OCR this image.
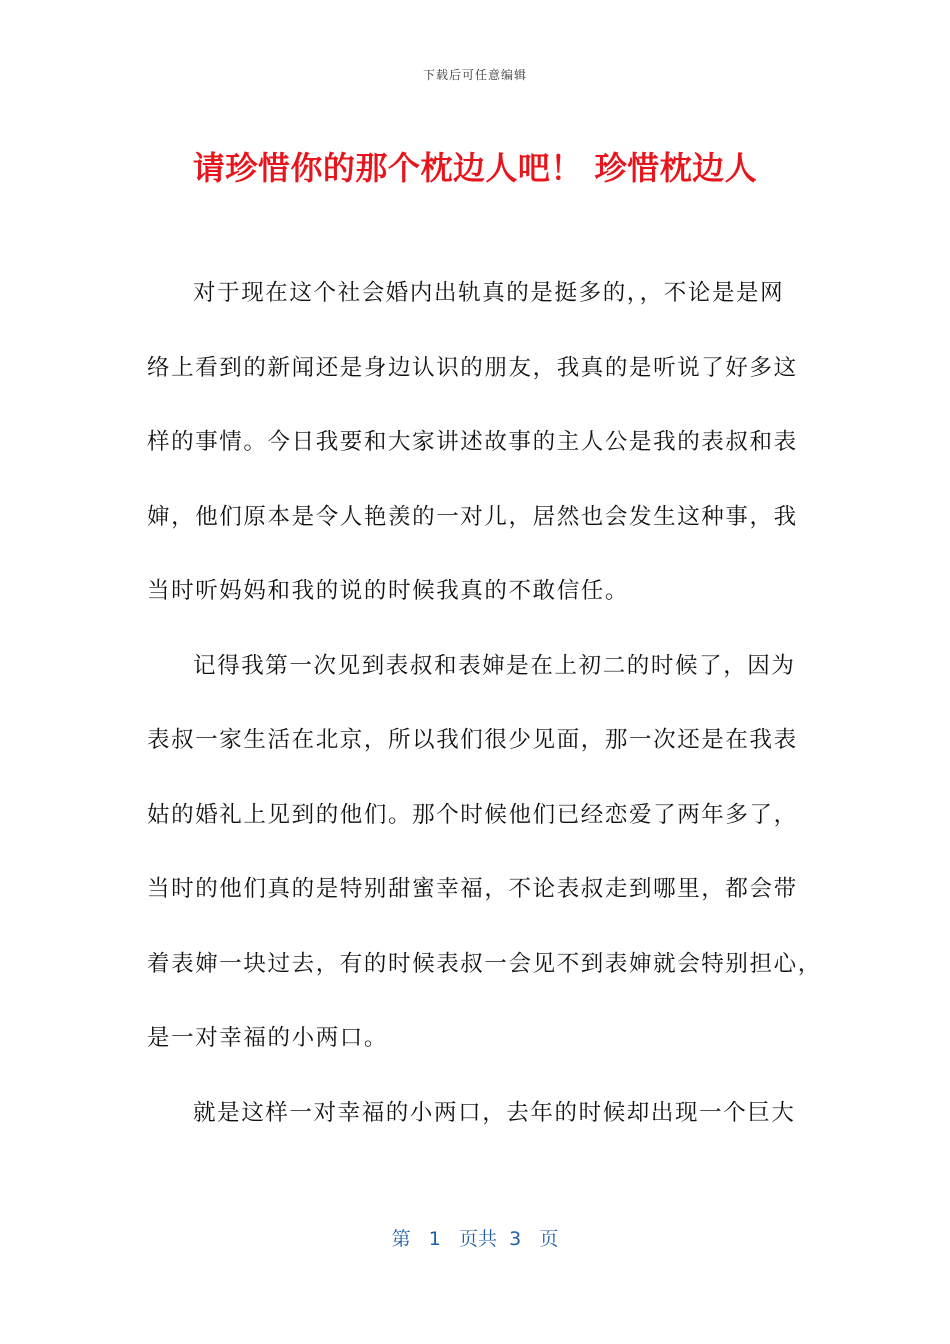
下载后可任意编辑
请珍惜你的那个枕边人吧！ 珍惜枕边人
对于现在这个社会婚内出轨真的是挺多的，，不论是是网
络上看到的新闻还是身边认识的朋友，我真的是听说了好多这
样的事情。今日我要和大家讲述故事的主人公是我的表叔和表
婶，他们原本是令人艳羡的一对儿，居然也会发生这种事，我
当时听妈妈和我的说的时候我真的不敢信任。
记得我第一次见到表叔和表婶是在上初二的时候了，因为
表叔一家生活在北京，所以我们很少见面，那一次还是在我表
姑的婚礼上见到的他们。那个时候他们已经恋爱了两年多了，
当时的他们真的是特别甜蜜幸福，不论表叔走到哪里，都会带
着表婶一块过去，有的时候表叔一会见不到表婶就会特别担心，
是一对幸福的小两口。
就是这样一对幸福的小两口，去年的时候却出现一个巨大
第 1 页共 3 页
